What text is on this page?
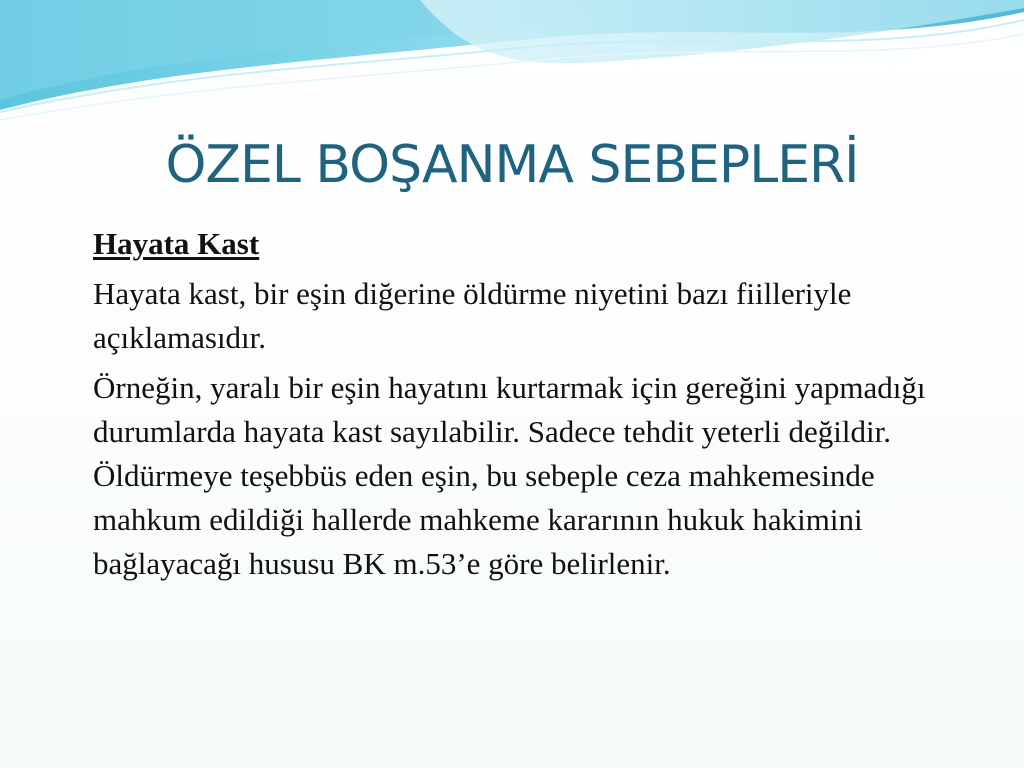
ÖZEL BOŞANMA SEBEPLERİ

Hayata Kast

Hayata kast, bir eşin diğerine öldürme niyetini bazı fiilleriyle açıklamasıdır.

Örneğin, yaralı bir eşin hayatını kurtarmak için gereğini yapmadığı durumlarda hayata kast sayılabilir. Sadece tehdit yeterli değildir. Öldürmeye teşebbüs eden eşin, bu sebeple ceza mahkemesinde mahkum edildiği hallerde mahkeme kararının hukuk hakimini bağlayacağı hususu BK m.53’e göre belirlenir.
